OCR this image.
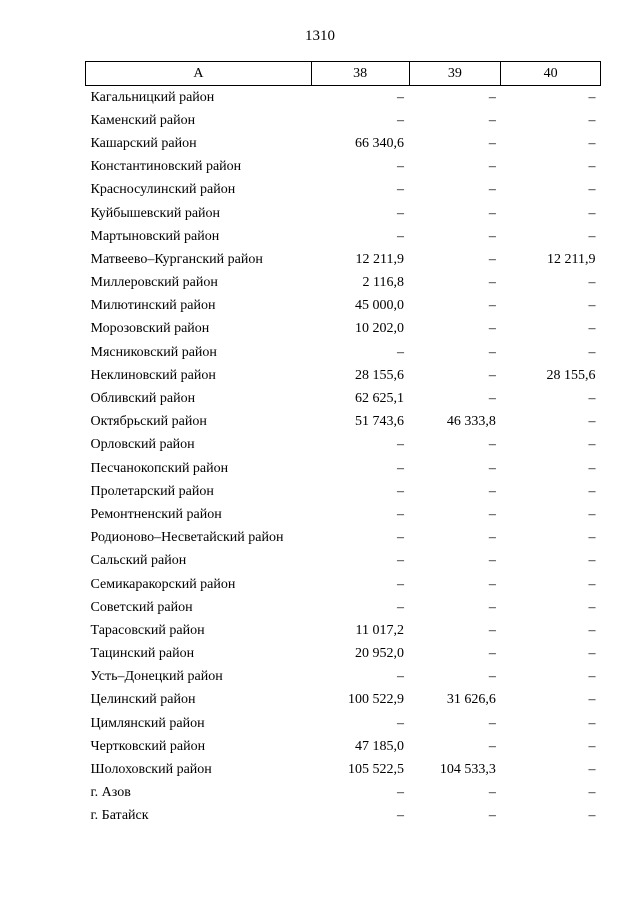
1310
А	38	39	40
Кагальницкий район	–	–	–
Каменский район	–	–	–
Кашарский район	66 340,6	–	–
Константиновский район	–	–	–
Красносулинский район	–	–	–
Куйбышевский район	–	–	–
Мартыновский район	–	–	–
Матвеево–Курганский район	12 211,9	–	12 211,9
Миллеровский район	2 116,8	–	–
Милютинский район	45 000,0	–	–
Морозовский район	10 202,0	–	–
Мясниковский район	–	–	–
Неклиновский район	28 155,6	–	28 155,6
Обливский район	62 625,1	–	–
Октябрьский район	51 743,6	46 333,8	–
Орловский район	–	–	–
Песчанокопский район	–	–	–
Пролетарский район	–	–	–
Ремонтненский район	–	–	–
Родионово–Несветайский район	–	–	–
Сальский район	–	–	–
Семикаракорский район	–	–	–
Советский район	–	–	–
Тарасовский район	11 017,2	–	–
Тацинский район	20 952,0	–	–
Усть–Донецкий район	–	–	–
Целинский район	100 522,9	31 626,6	–
Цимлянский район	–	–	–
Чертковский район	47 185,0	–	–
Шолоховский район	105 522,5	104 533,3	–
г. Азов	–	–	–
г. Батайск	–	–	–
